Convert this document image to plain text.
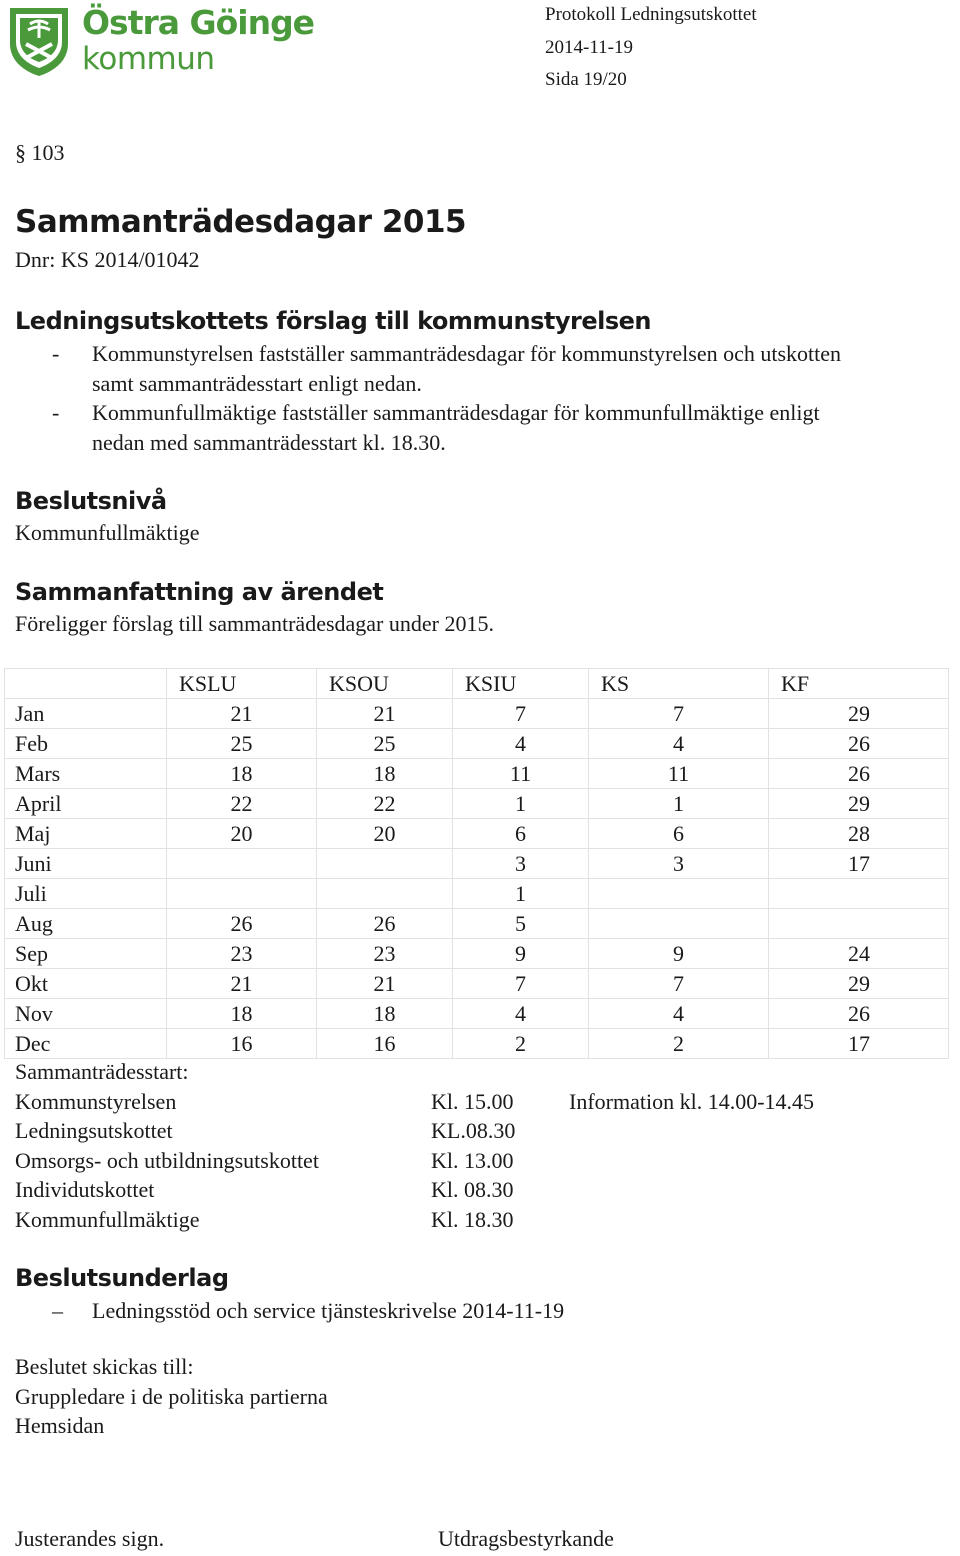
Östra Göinge
kommun
Protokoll Ledningsutskottet
2014-11-19
Sida 19/20
§ 103
Sammanträdesdagar 2015
Dnr: KS 2014/01042
Ledningsutskottets förslag till kommunstyrelsen
- Kommunstyrelsen fastställer sammanträdesdagar för kommunstyrelsen och utskotten
samt sammanträdesstart enligt nedan.
- Kommunfullmäktige fastställer sammanträdesdagar för kommunfullmäktige enligt
nedan med sammanträdesstart kl. 18.30.
Beslutsnivå
Kommunfullmäktige
Sammanfattning av ärendet
Föreligger förslag till sammanträdesdagar under 2015.
	KSLU	KSOU	KSIU	KS	KF
Jan	21	21	7	7	29
Feb	25	25	4	4	26
Mars	18	18	11	11	26
April	22	22	1	1	29
Maj	20	20	6	6	28
Juni			3	3	17
Juli			1		
Aug	26	26	5		
Sep	23	23	9	9	24
Okt	21	21	7	7	29
Nov	18	18	4	4	26
Dec	16	16	2	2	17
Sammanträdesstart:
Kommunstyrelsen	Kl. 15.00	Information kl. 14.00-14.45
Ledningsutskottet	KL.08.30
Omsorgs- och utbildningsutskottet	Kl. 13.00
Individutskottet	Kl. 08.30
Kommunfullmäktige	Kl. 18.30
Beslutsunderlag
– Ledningsstöd och service tjänsteskrivelse 2014-11-19
Beslutet skickas till:
Gruppledare i de politiska partierna
Hemsidan
Justerandes sign.	Utdragsbestyrkande
